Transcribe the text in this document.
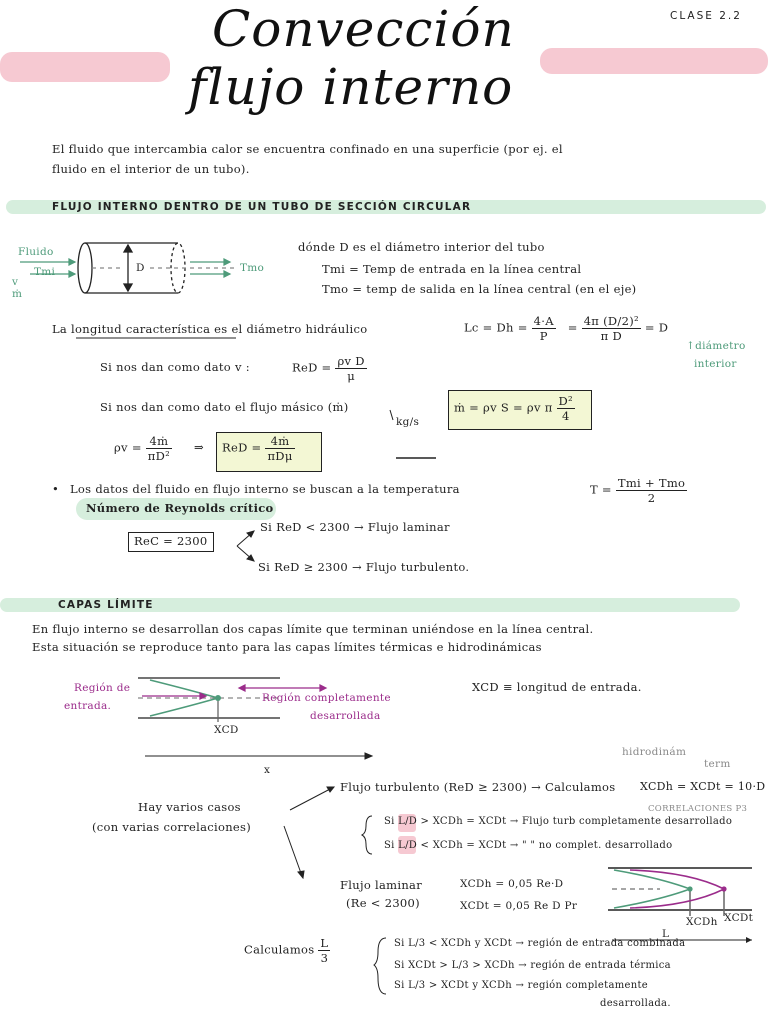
Convección
flujo interno
CLASE 2.2
El fluido que intercambia calor se encuentra confinado en una superficie (por ej. el
fluido en el interior de un tubo).
FLUJO INTERNO DENTRO DE UN TUBO DE SECCIÓN CIRCULAR
Fluido
Tmi
v
ṁ
D	Tmo
dónde D es el diámetro interior del tubo
Tmi = Temp de entrada en la línea central
Tmo = temp de salida en la línea central (en el eje)
La longitud característica es el diámetro hidráulico	$Lc = Dh = \frac{4\cdot A}{P} = \frac{\text{4π (D/2)²}}{\text{π D}} = D$
↑diámetro
interior
Si nos dan como dato v :	ReD = $\frac{\text{ρv D}}{\mu}$
Si nos dan como dato el flujo másico (ṁ)
kg/s
ṁ = ρv S = ρv π $\frac{\text{D²}}{4}$
$\rho v = \frac{\text{4ṁ}}{\text{πD²}}$ ⇒ ReD = $\frac{\text{4ṁ}}{\text{πDμ}}$
• Los datos del fluido en flujo interno se buscan a la temperatura	$T = \frac{\text{Tmi + Tmo}}{2}$
Número de Reynolds crítico
ReC = 2300
Si ReD < 2300 → Flujo laminar
Si ReD ≥ 2300 → Flujo turbulento.
CAPAS LÍMITE
En flujo interno se desarrollan dos capas límite que terminan uniéndose en la línea central.
Esta situación se reproduce tanto para las capas límites térmicas e hidrodinámicas
Región de
entrada.
Región completamente
desarrollada
XCD
x
XCD ≡ longitud de entrada.
hidrodinám
term
Hay varios casos
(con varias correlaciones)
Flujo turbulento (ReD ≥ 2300) → Calculamos XCDh = XCDt = 10·D
CORRELACIONES P3
Si L/D > XCDh = XCDt → Flujo turb completamente desarrollado
Si L/D < XCDh = XCDt → " " no complet. desarrollado
Flujo laminar
(Re < 2300)
XCDh = 0,05 Re·D
XCDt = 0,05 Re D Pr
XCDh XCDt
L
Calculamos $\frac{L}{3}$	Si L/3 < XCDh y XCDt → región de entrada combinada
Si XCDt > L/3 > XCDh → región de entrada térmica
Si L/3 > XCDt y XCDh → región completamente
desarrollada.
